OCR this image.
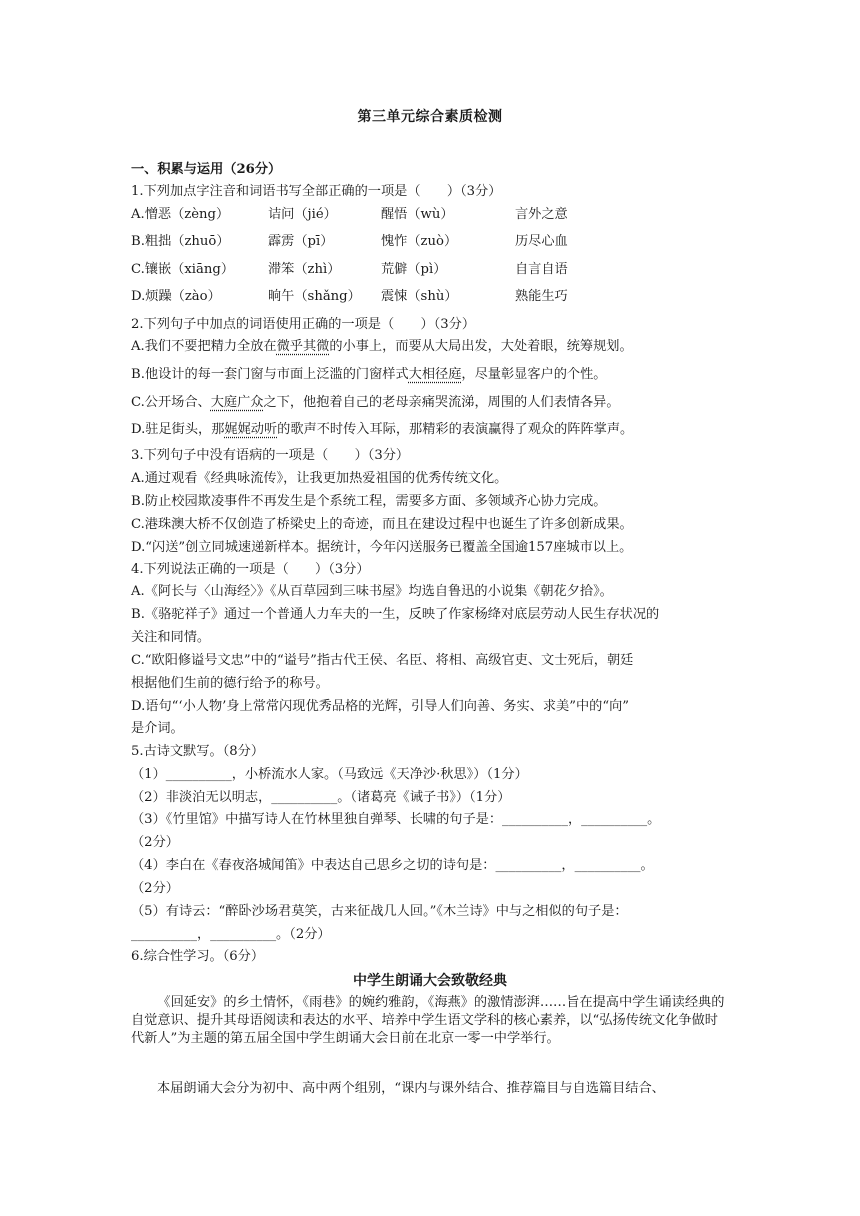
第三单元综合素质检测
一、积累与运用（26分）
1.下列加点字注音和词语书写全部正确的一项是（　　）（3分）
A.憎恶（zèng）	诘问（jié）	醒悟（wù）	言外之意
B.粗拙（zhuō）	霹雳（pī）	愧怍（zuò）	历尽心血
C.镶嵌（xiāng）	滞笨（zhì）	荒僻（pì）	自言自语
D.烦躁（zào）	晌午（shǎng） 震悚（shù）	熟能生巧
2.下列句子中加点的词语使用正确的一项是（　　）（3分）
A.我们不要把精力全放在微乎其微的小事上，而要从大局出发，大处着眼，统筹规划。
B.他设计的每一套门窗与市面上泛滥的门窗样式大相径庭，尽量彰显客户的个性。
C.公开场合、大庭广众之下，他抱着自己的老母亲痛哭流涕，周围的人们表情各异。
D.驻足街头，那娓娓动听的歌声不时传入耳际，那精彩的表演赢得了观众的阵阵掌声。
3.下列句子中没有语病的一项是（　　）（3分）
A.通过观看《经典咏流传》，让我更加热爱祖国的优秀传统文化。
B.防止校园欺凌事件不再发生是个系统工程，需要多方面、多领域齐心协力完成。
C.港珠澳大桥不仅创造了桥梁史上的奇迹，而且在建设过程中也诞生了许多创新成果。
D.“闪送”创立同城速递新样本。据统计，今年闪送服务已覆盖全国逾157座城市以上。
4.下列说法正确的一项是（　　）（3分）
A.《阿长与〈山海经〉》《从百草园到三味书屋》均选自鲁迅的小说集《朝花夕拾》。
B.《骆驼祥子》通过一个普通人力车夫的一生，反映了作家杨绛对底层劳动人民生存状况的
关注和同情。
C.“欧阳修谥号文忠”中的“谥号”指古代王侯、名臣、将相、高级官吏、文士死后，朝廷
根据他们生前的德行给予的称号。
D.语句“‘小人物’身上常常闪现优秀品格的光辉，引导人们向善、务实、求美”中的“向”
是介词。
5.古诗文默写。（8分）
（1）__________，小桥流水人家。（马致远《天净沙·秋思》）（1分）
（2）非淡泊无以明志，__________。（诸葛亮《诫子书》）（1分）
（3）《竹里馆》中描写诗人在竹林里独自弹琴、长啸的句子是：__________，__________。
（2分）
（4）李白在《春夜洛城闻笛》中表达自己思乡之切的诗句是：__________，__________。
（2分）
（5）有诗云：“醉卧沙场君莫笑，古来征战几人回。”《木兰诗》中与之相似的句子是：
__________，__________。（2分）
6.综合性学习。（6分）
中学生朗诵大会致敬经典
《回延安》的乡土情怀，《雨巷》的婉约雅韵，《海燕》的激情澎湃……旨在提高中学生诵读经典的自觉意识、提升其母语阅读和表达的水平、培养中学生语文学科的核心素养，以“弘扬传统文化争做时代新人”为主题的第五届全国中学生朗诵大会日前在北京一零一中学举行。
本届朗诵大会分为初中、高中两个组别，“课内与课外结合、推荐篇目与自选篇目结合、
